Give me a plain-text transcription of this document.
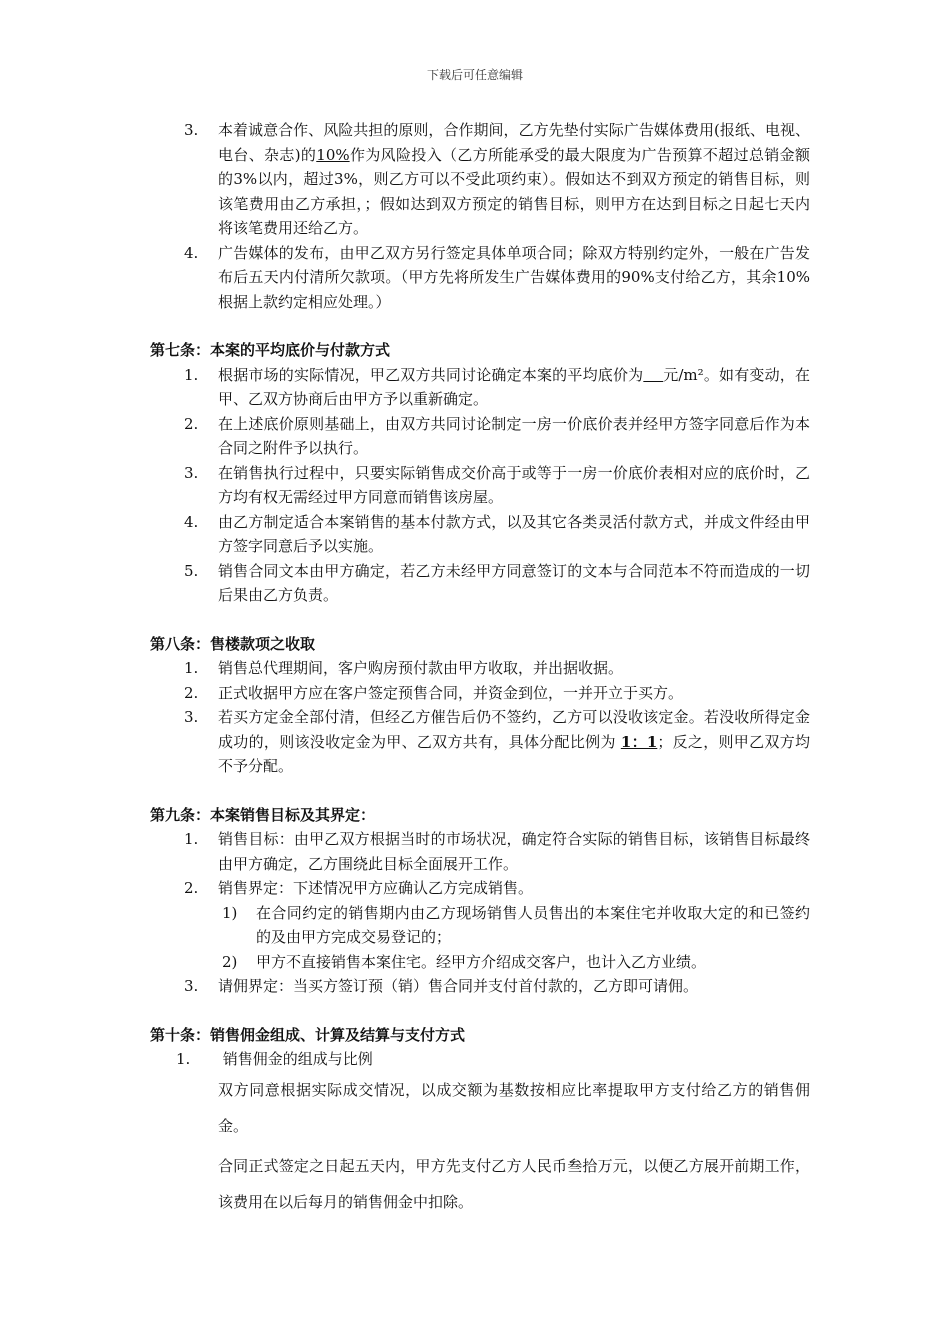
下载后可任意编辑
3.	本着诚意合作、风险共担的原则，合作期间，乙方先垫付实际广告媒体费用(报纸、电视、电台、杂志)的10%作为风险投入（乙方所能承受的最大限度为广告预算不超过总销金额的3%以内，超过3%，则乙方可以不受此项约束）。假如达不到双方预定的销售目标，则该笔费用由乙方承担，；假如达到双方预定的销售目标，则甲方在达到目标之日起七天内将该笔费用还给乙方。
4.	广告媒体的发布，由甲乙双方另行签定具体单项合同；除双方特别约定外，一般在广告发布后五天内付清所欠款项。（甲方先将所发生广告媒体费用的90%支付给乙方，其余10%根据上款约定相应处理。）
第七条：本案的平均底价与付款方式
1.	根据市场的实际情况，甲乙双方共同讨论确定本案的平均底价为 元/m²。如有变动，在甲、乙双方协商后由甲方予以重新确定。
2.	在上述底价原则基础上，由双方共同讨论制定一房一价底价表并经甲方签字同意后作为本合同之附件予以执行。
3.	在销售执行过程中，只要实际销售成交价高于或等于一房一价底价表相对应的底价时，乙方均有权无需经过甲方同意而销售该房屋。
4.	由乙方制定适合本案销售的基本付款方式，以及其它各类灵活付款方式，并成文件经由甲方签字同意后予以实施。
5.	销售合同文本由甲方确定，若乙方未经甲方同意签订的文本与合同范本不符而造成的一切后果由乙方负责。
第八条：售楼款项之收取
1.	销售总代理期间，客户购房预付款由甲方收取，并出据收据。
2.	正式收据甲方应在客户签定预售合同，并资金到位，一并开立于买方。
3.	若买方定金全部付清，但经乙方催告后仍不签约，乙方可以没收该定金。若没收所得定金成功的，则该没收定金为甲、乙双方共有，具体分配比例为 1：1；反之，则甲乙双方均不予分配。
第九条：本案销售目标及其界定：
1.	销售目标：由甲乙双方根据当时的市场状况，确定符合实际的销售目标，该销售目标最终由甲方确定，乙方围绕此目标全面展开工作。
2.	销售界定：下述情况甲方应确认乙方完成销售。
1)	在合同约定的销售期内由乙方现场销售人员售出的本案住宅并收取大定的和已签约的及由甲方完成交易登记的；
2)	甲方不直接销售本案住宅。经甲方介绍成交客户，也计入乙方业绩。
3.	请佣界定：当买方签订预（销）售合同并支付首付款的，乙方即可请佣。
第十条：销售佣金组成、计算及结算与支付方式
1.	销售佣金的组成与比例
双方同意根据实际成交情况，以成交额为基数按相应比率提取甲方支付给乙方的销售佣金。
合同正式签定之日起五天内，甲方先支付乙方人民币叁拾万元，以便乙方展开前期工作，该费用在以后每月的销售佣金中扣除。
